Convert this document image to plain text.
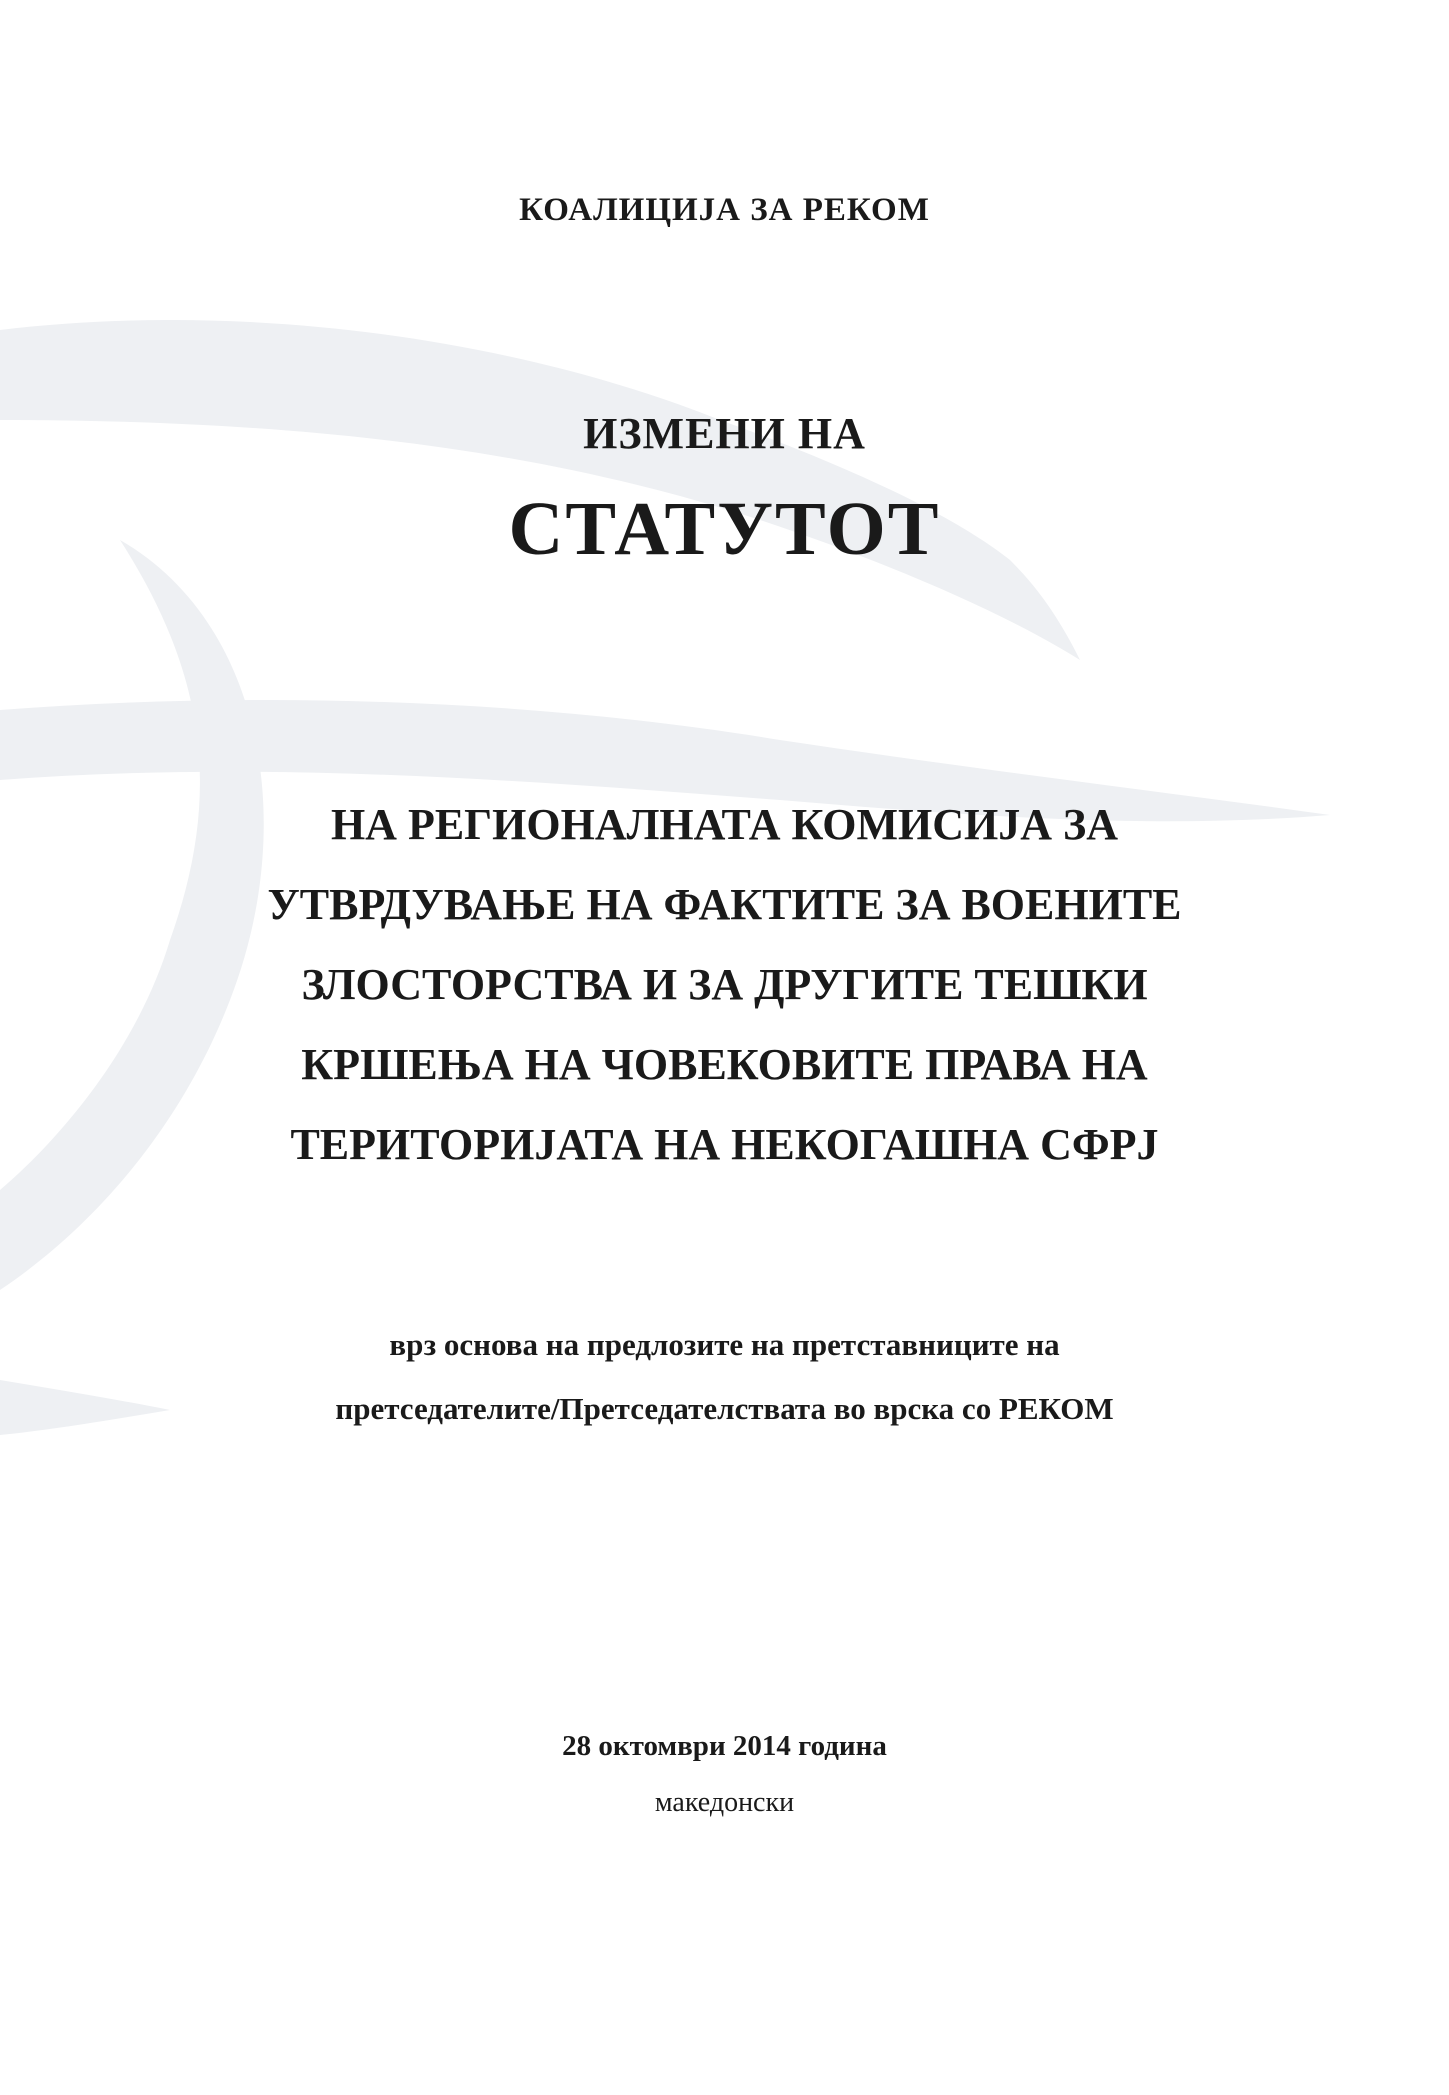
КОАЛИЦИЈА ЗА РЕКОМ
ИЗМЕНИ НА
СТАТУТОТ
НА РЕГИОНАЛНАТА КОМИСИЈА ЗА
УТВРДУВАЊЕ НА ФАКТИТЕ ЗА ВОЕНИТЕ
ЗЛОСТОРСТВА И ЗА ДРУГИТЕ ТЕШКИ
КРШЕЊА НА ЧОВЕКОВИТЕ ПРАВА НА
ТЕРИТОРИЈАТА НА НЕКОГАШНА СФРЈ
врз основа на предлозите на претставниците на
претседателите/Претседателствата во врска со РЕКОМ
28 октомври 2014 година
македонски
